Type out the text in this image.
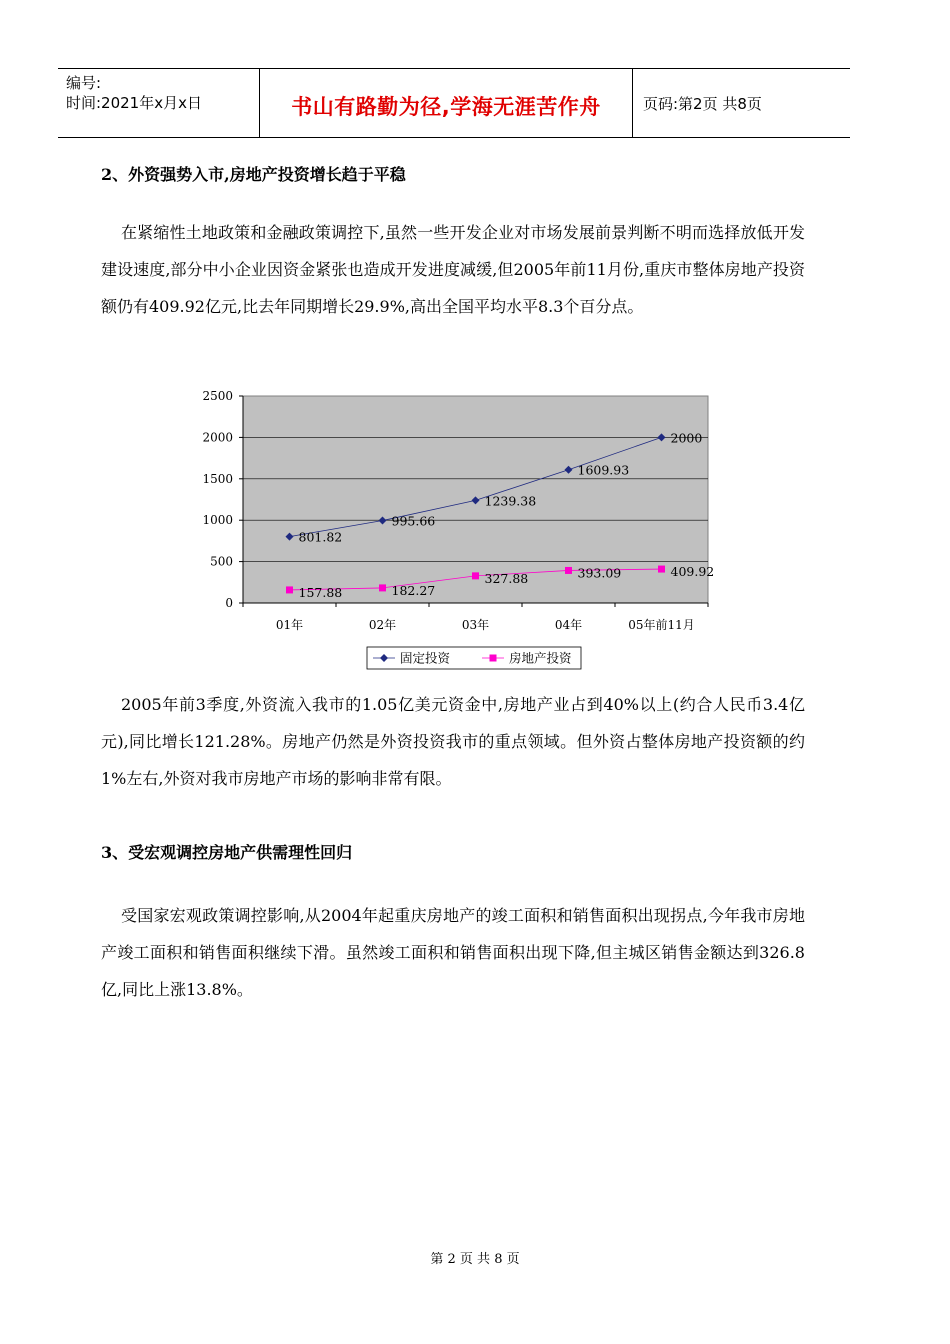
编号:
时间:2021年x月x日	书山有路勤为径,学海无涯苦作舟	页码:第2页 共8页
2、外资强势入市,房地产投资增长趋于平稳

在紧缩性土地政策和金融政策调控下,虽然一些开发企业对市场发展前景判断不明而选择放低开发建设速度,部分中小企业因资金紧张也造成开发进度减缓,但2005年前11月份,重庆市整体房地产投资额仍有409.92亿元,比去年同期增长29.9%,高出全国平均水平8.3个百分点。

0
500
1000
1500
2000
2500
01年	02年	03年	04年	05年前11月
801.82
995.66
1239.38
1609.93
2000
157.88	182.27
327.88	393.09	409.92
固定投资	房地产投资

2005年前3季度,外资流入我市的1.05亿美元资金中,房地产业占到40%以上(约合人民币3.4亿元),同比增长121.28%。房地产仍然是外资投资我市的重点领域。但外资占整体房地产投资额的约1%左右,外资对我市房地产市场的影响非常有限。

3、受宏观调控房地产供需理性回归

受国家宏观政策调控影响,从2004年起重庆房地产的竣工面积和销售面积出现拐点,今年我市房地产竣工面积和销售面积继续下滑。虽然竣工面积和销售面积出现下降,但主城区销售金额达到326.8亿,同比上涨13.8%。

第 2 页 共 8 页
